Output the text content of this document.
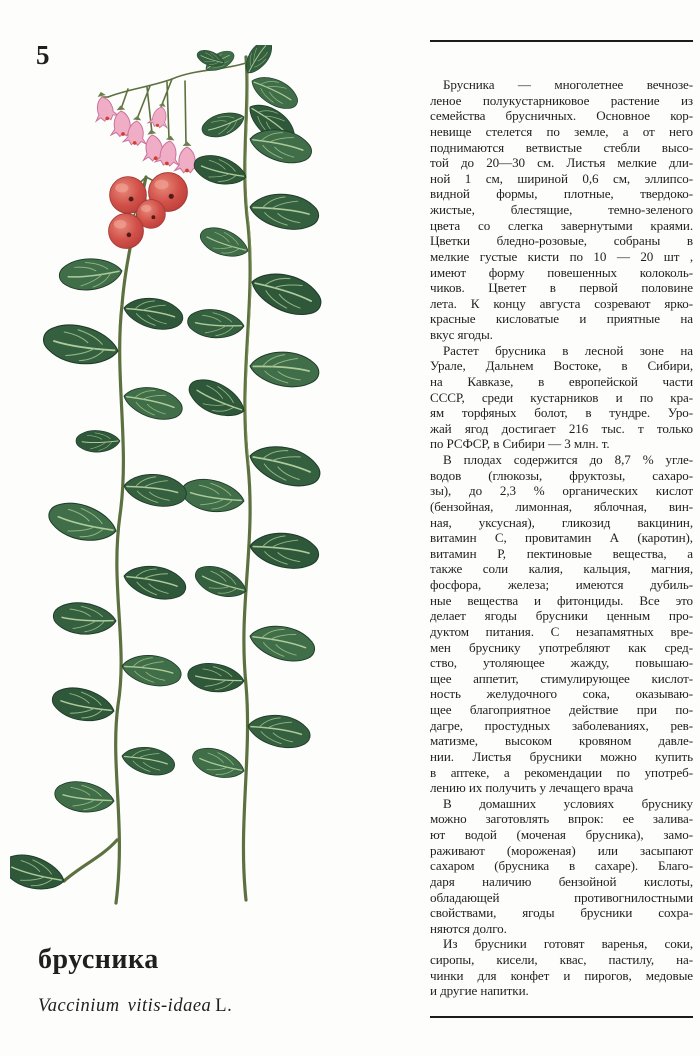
5
брусника
Vaccinium vitis-idaea L.
Брусника — многолетнее вечнозе-
леное полукустарниковое растение из
семейства брусничных. Основное кор-
невище стелется по земле, а от него
поднимаются ветвистые стебли высо-
той до 20—30 см. Листья мелкие дли-
ной 1 см, шириной 0,6 см, эллипсо-
видной формы, плотные, твердоко-
жистые, блестящие, темно-зеленого
цвета со слегка завернутыми краями.
Цветки бледно-розовые, собраны в
мелкие густые кисти по 10 — 20 шт ,
имеют форму повешенных колоколь-
чиков. Цветет в первой половине
лета. К концу августа созревают ярко-
красные кисловатые и приятные на
вкус ягоды.
Растет брусника в лесной зоне на
Урале, Дальнем Востоке, в Сибири,
на Кавказе, в европейской части
СССР, среди кустарников и по кра-
ям торфяных болот, в тундре. Уро-
жай ягод достигает 216 тыс. т только
по РСФСР, в Сибири — 3 млн. т.
В плодах содержится до 8,7 % угле-
водов (глюкозы, фруктозы, сахаро-
зы), до 2,3 % органических кислот
(бензойная, лимонная, яблочная, вин-
ная, уксусная), гликозид вакцинин,
витамин С, провитамин А (каротин),
витамин Р, пектиновые вещества, а
также соли калия, кальция, магния,
фосфора, железа; имеются дубиль-
ные вещества и фитонциды. Все это
делает ягоды брусники ценным про-
дуктом питания. С незапамятных вре-
мен бруснику употребляют как сред-
ство, утоляющее жажду, повышаю-
щее аппетит, стимулирующее кислот-
ность желудочного сока, оказываю-
щее благоприятное действие при по-
дагре, простудных заболеваниях, рев-
матизме, высоком кровяном давле-
нии. Листья брусники можно купить
в аптеке, а рекомендации по употреб-
лению их получить у лечащего врача
В домашних условиях бруснику
можно заготовлять впрок: ее залива-
ют водой (моченая брусника), замо-
раживают (мороженая) или засыпают
сахаром (брусника в сахаре). Благо-
даря наличию бензойной кислоты,
обладающей противогнилостными
свойствами, ягоды брусники сохра-
няются долго.
Из брусники готовят варенья, соки,
сиропы, кисели, квас, пастилу, на-
чинки для конфет и пирогов, медовые
и другие напитки.
